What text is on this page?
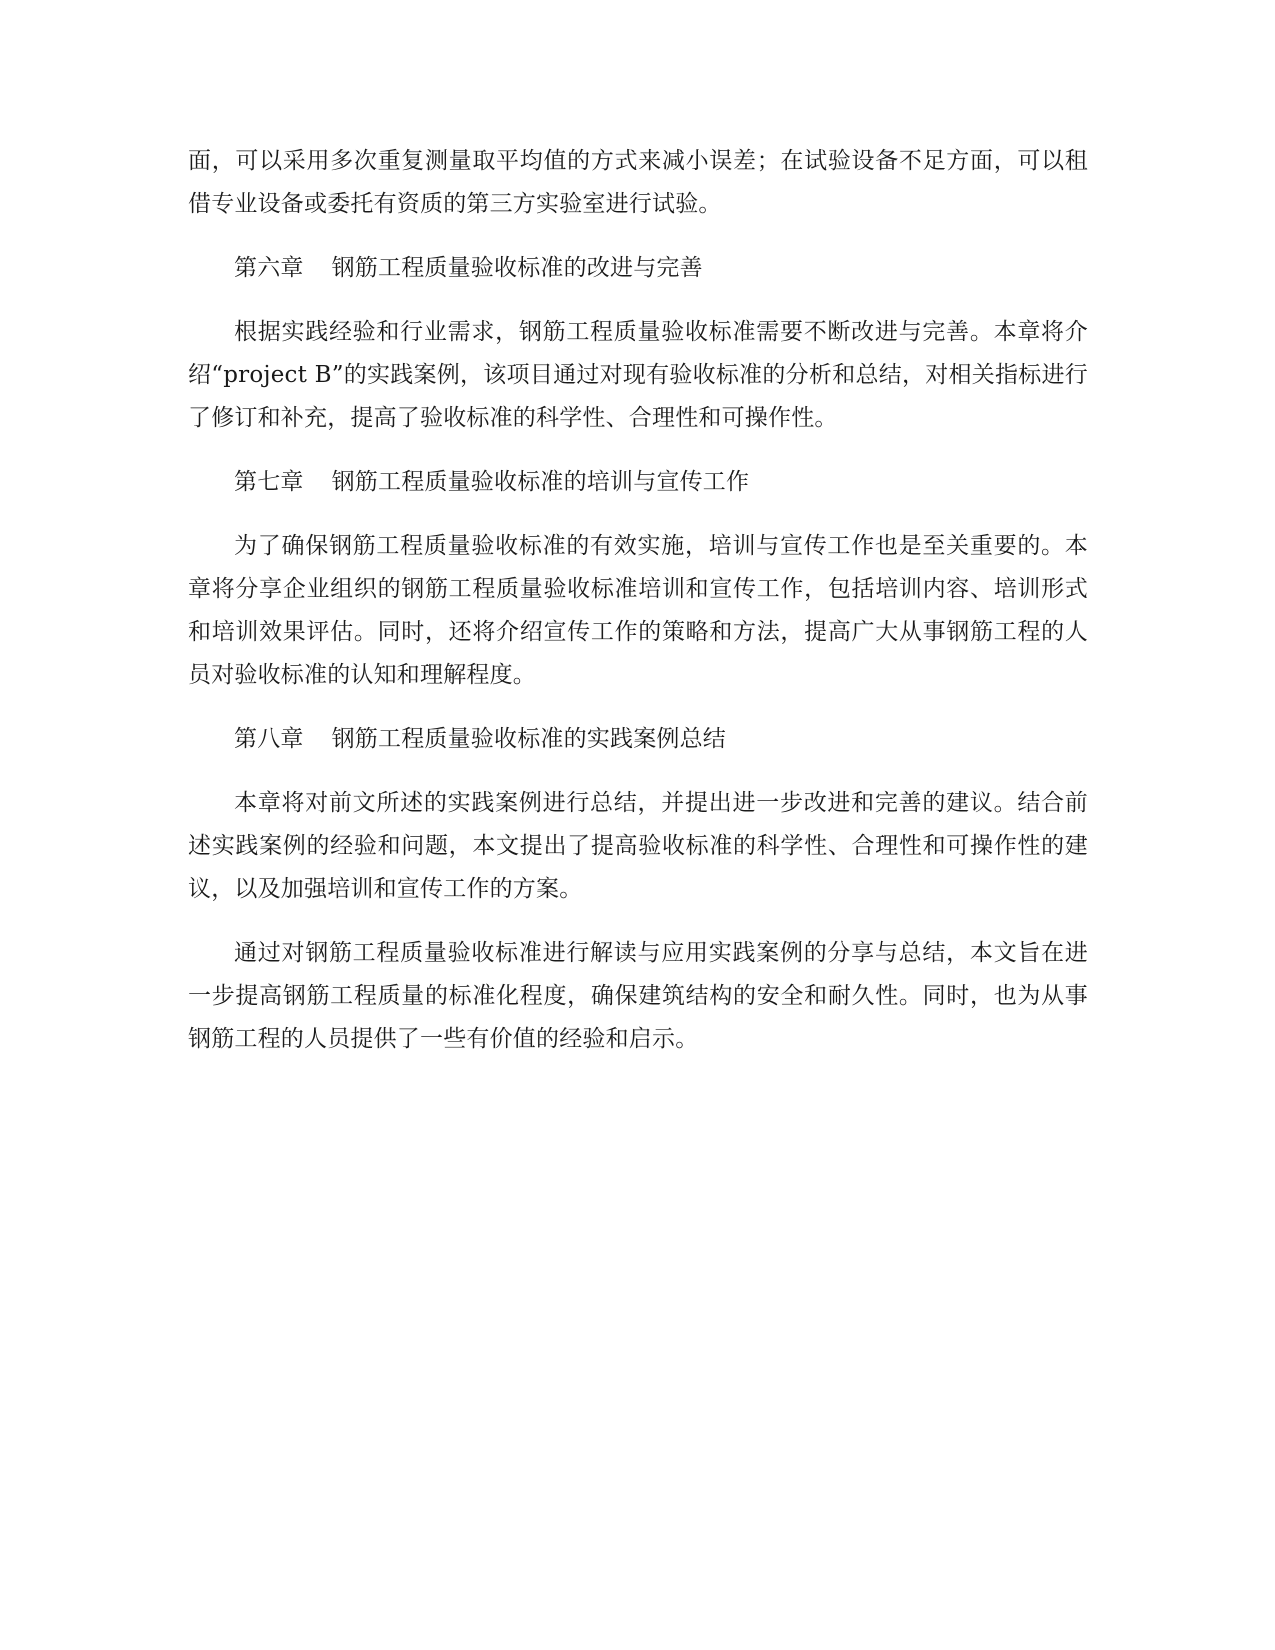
面，可以采用多次重复测量取平均值的方式来减小误差；在试验设备不足方面，可以租借专业设备或委托有资质的第三方实验室进行试验。

第六章 钢筋工程质量验收标准的改进与完善

根据实践经验和行业需求，钢筋工程质量验收标准需要不断改进与完善。本章将介绍“project B”的实践案例，该项目通过对现有验收标准的分析和总结，对相关指标进行了修订和补充，提高了验收标准的科学性、合理性和可操作性。

第七章 钢筋工程质量验收标准的培训与宣传工作

为了确保钢筋工程质量验收标准的有效实施，培训与宣传工作也是至关重要的。本章将分享企业组织的钢筋工程质量验收标准培训和宣传工作，包括培训内容、培训形式和培训效果评估。同时，还将介绍宣传工作的策略和方法，提高广大从事钢筋工程的人员对验收标准的认知和理解程度。

第八章 钢筋工程质量验收标准的实践案例总结

本章将对前文所述的实践案例进行总结，并提出进一步改进和完善的建议。结合前述实践案例的经验和问题，本文提出了提高验收标准的科学性、合理性和可操作性的建议，以及加强培训和宣传工作的方案。

通过对钢筋工程质量验收标准进行解读与应用实践案例的分享与总结，本文旨在进一步提高钢筋工程质量的标准化程度，确保建筑结构的安全和耐久性。同时，也为从事钢筋工程的人员提供了一些有价值的经验和启示。
